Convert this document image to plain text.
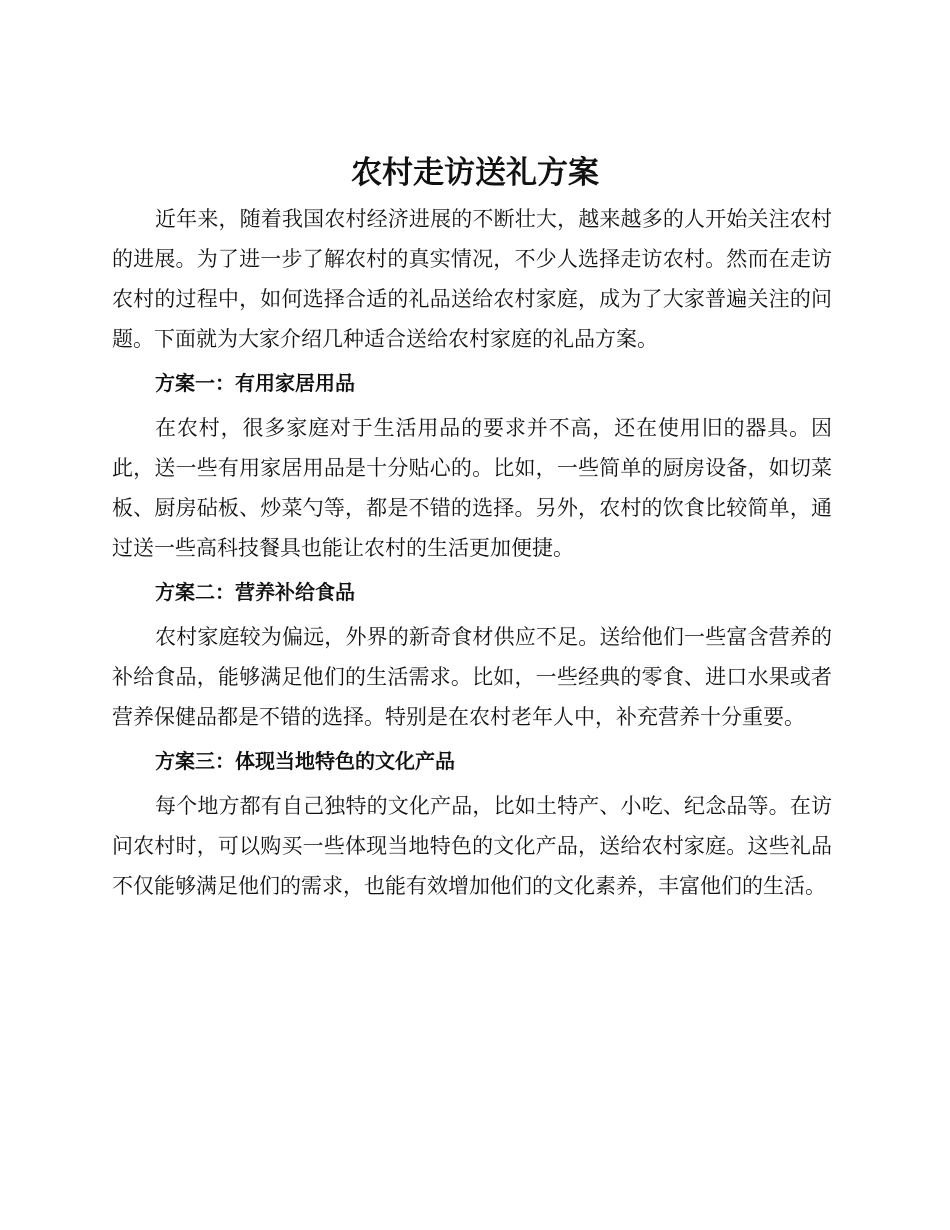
农村走访送礼方案

近年来，随着我国农村经济进展的不断壮大，越来越多的人开始关注农村的进展。为了进一步了解农村的真实情况，不少人选择走访农村。然而在走访农村的过程中，如何选择合适的礼品送给农村家庭，成为了大家普遍关注的问题。下面就为大家介绍几种适合送给农村家庭的礼品方案。

方案一：有用家居用品

在农村，很多家庭对于生活用品的要求并不高，还在使用旧的器具。因此，送一些有用家居用品是十分贴心的。比如，一些简单的厨房设备，如切菜板、厨房砧板、炒菜勺等，都是不错的选择。另外，农村的饮食比较简单，通过送一些高科技餐具也能让农村的生活更加便捷。

方案二：营养补给食品

农村家庭较为偏远，外界的新奇食材供应不足。送给他们一些富含营养的补给食品，能够满足他们的生活需求。比如，一些经典的零食、进口水果或者营养保健品都是不错的选择。特别是在农村老年人中，补充营养十分重要。

方案三：体现当地特色的文化产品

每个地方都有自己独特的文化产品，比如土特产、小吃、纪念品等。在访问农村时，可以购买一些体现当地特色的文化产品，送给农村家庭。这些礼品不仅能够满足他们的需求，也能有效增加他们的文化素养，丰富他们的生活。
